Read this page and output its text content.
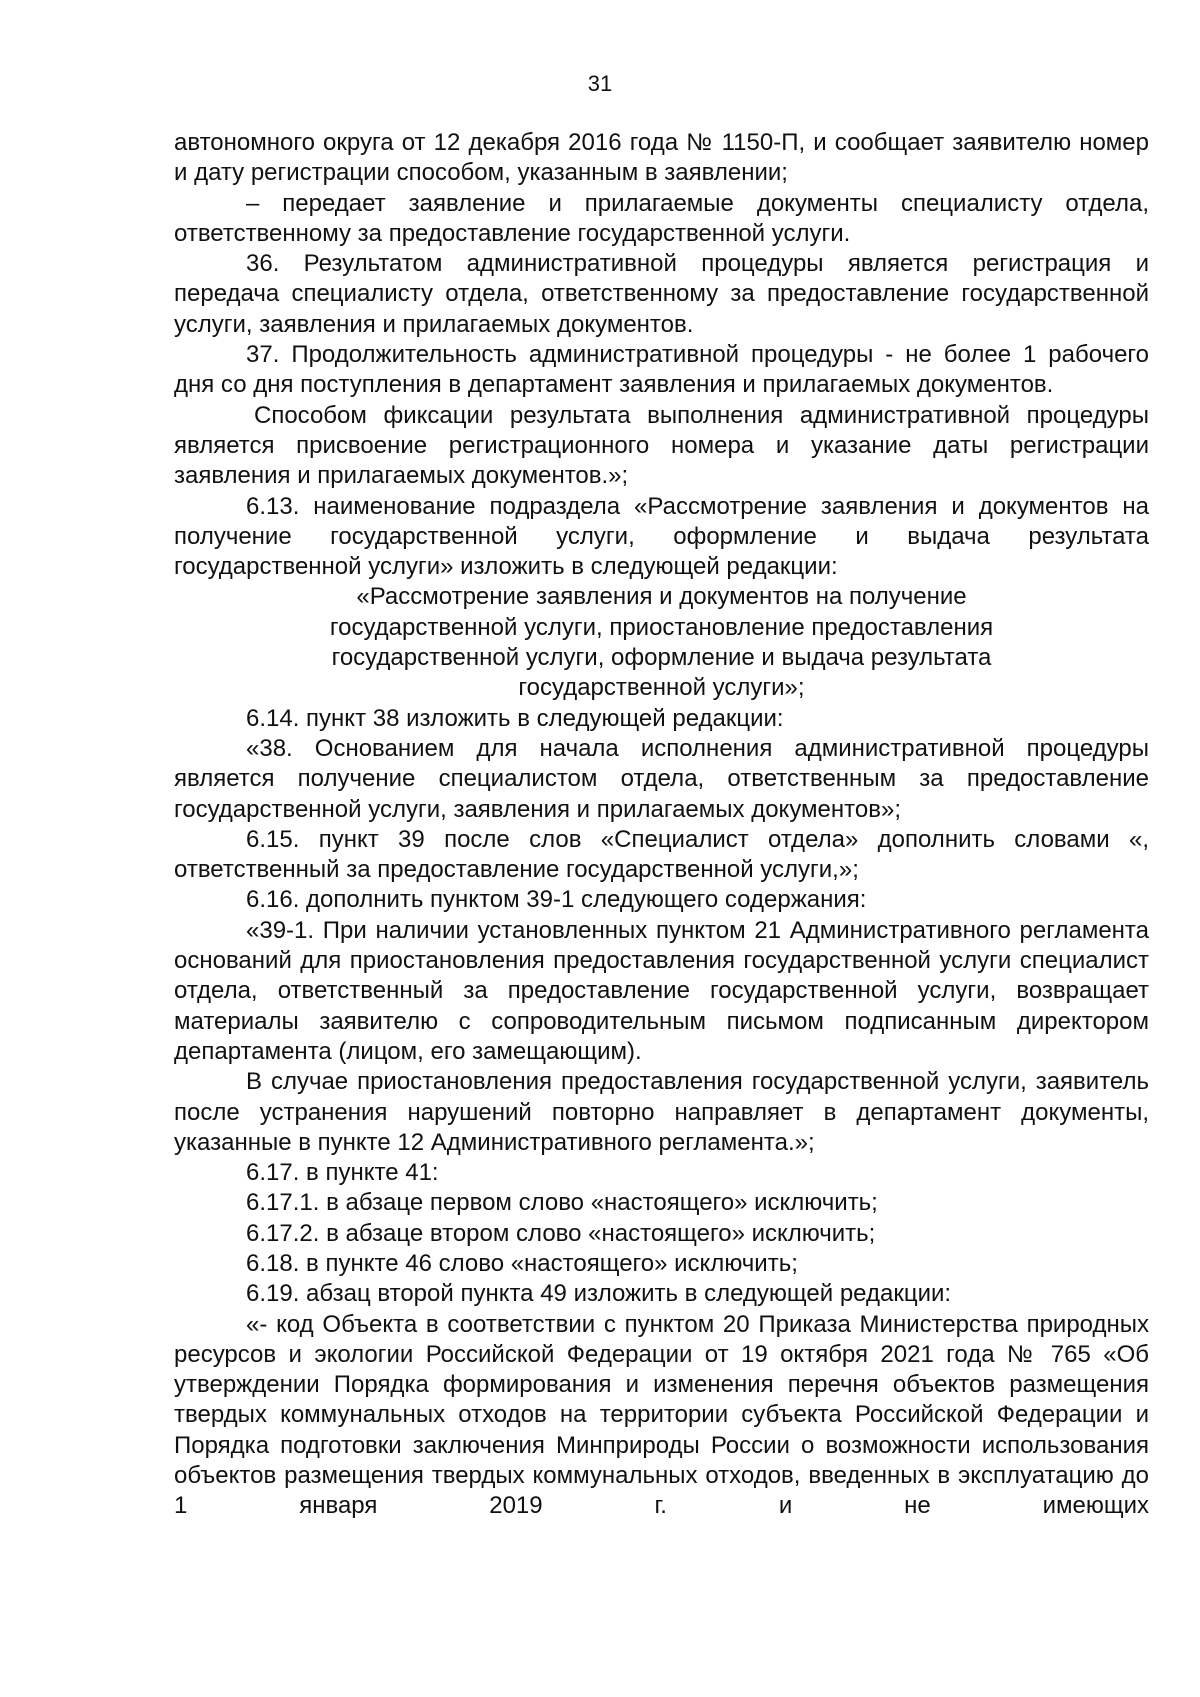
31

автономного округа от 12 декабря 2016 года № 1150-П, и сообщает заявителю номер и дату регистрации способом, указанным в заявлении;

– передает заявление и прилагаемые документы специалисту отдела, ответственному за предоставление государственной услуги.

36. Результатом административной процедуры является регистрация и передача специалисту отдела, ответственному за предоставление государственной услуги, заявления и прилагаемых документов.

37. Продолжительность административной процедуры - не более 1 рабочего дня со дня поступления в департамент заявления и прилагаемых документов.

Способом фиксации результата выполнения административной процедуры является присвоение регистрационного номера и указание даты регистрации заявления и прилагаемых документов.»;

6.13. наименование подраздела «Рассмотрение заявления и документов на получение государственной услуги, оформление и выдача результата государственной услуги» изложить в следующей редакции:

«Рассмотрение заявления и документов на получение государственной услуги, приостановление предоставления государственной услуги, оформление и выдача результата государственной услуги»;

6.14. пункт 38 изложить в следующей редакции:

«38. Основанием для начала исполнения административной процедуры является получение специалистом отдела, ответственным за предоставление государственной услуги, заявления и прилагаемых документов»;

6.15. пункт 39 после слов «Специалист отдела» дополнить словами «, ответственный за предоставление государственной услуги,»;

6.16. дополнить пунктом 39-1 следующего содержания:

«39-1. При наличии установленных пунктом 21 Административного регламента оснований для приостановления предоставления государственной услуги специалист отдела, ответственный за предоставление государственной услуги, возвращает материалы заявителю с сопроводительным письмом подписанным директором департамента (лицом, его замещающим).

В случае приостановления предоставления государственной услуги, заявитель после устранения нарушений повторно направляет в департамент документы, указанные в пункте 12 Административного регламента.»;

6.17. в пункте 41:

6.17.1. в абзаце первом слово «настоящего» исключить;

6.17.2. в абзаце втором слово «настоящего» исключить;

6.18. в пункте 46 слово «настоящего» исключить;

6.19. абзац второй пункта 49 изложить в следующей редакции:

«- код Объекта в соответствии с пунктом 20 Приказа Министерства природных ресурсов и экологии Российской Федерации от 19 октября 2021 года № 765 «Об утверждении Порядка формирования и изменения перечня объектов размещения твердых коммунальных отходов на территории субъекта Российской Федерации и Порядка подготовки заключения Минприроды России о возможности использования объектов размещения твердых коммунальных отходов, введенных в эксплуатацию до 1 января 2019 г. и не имеющих
